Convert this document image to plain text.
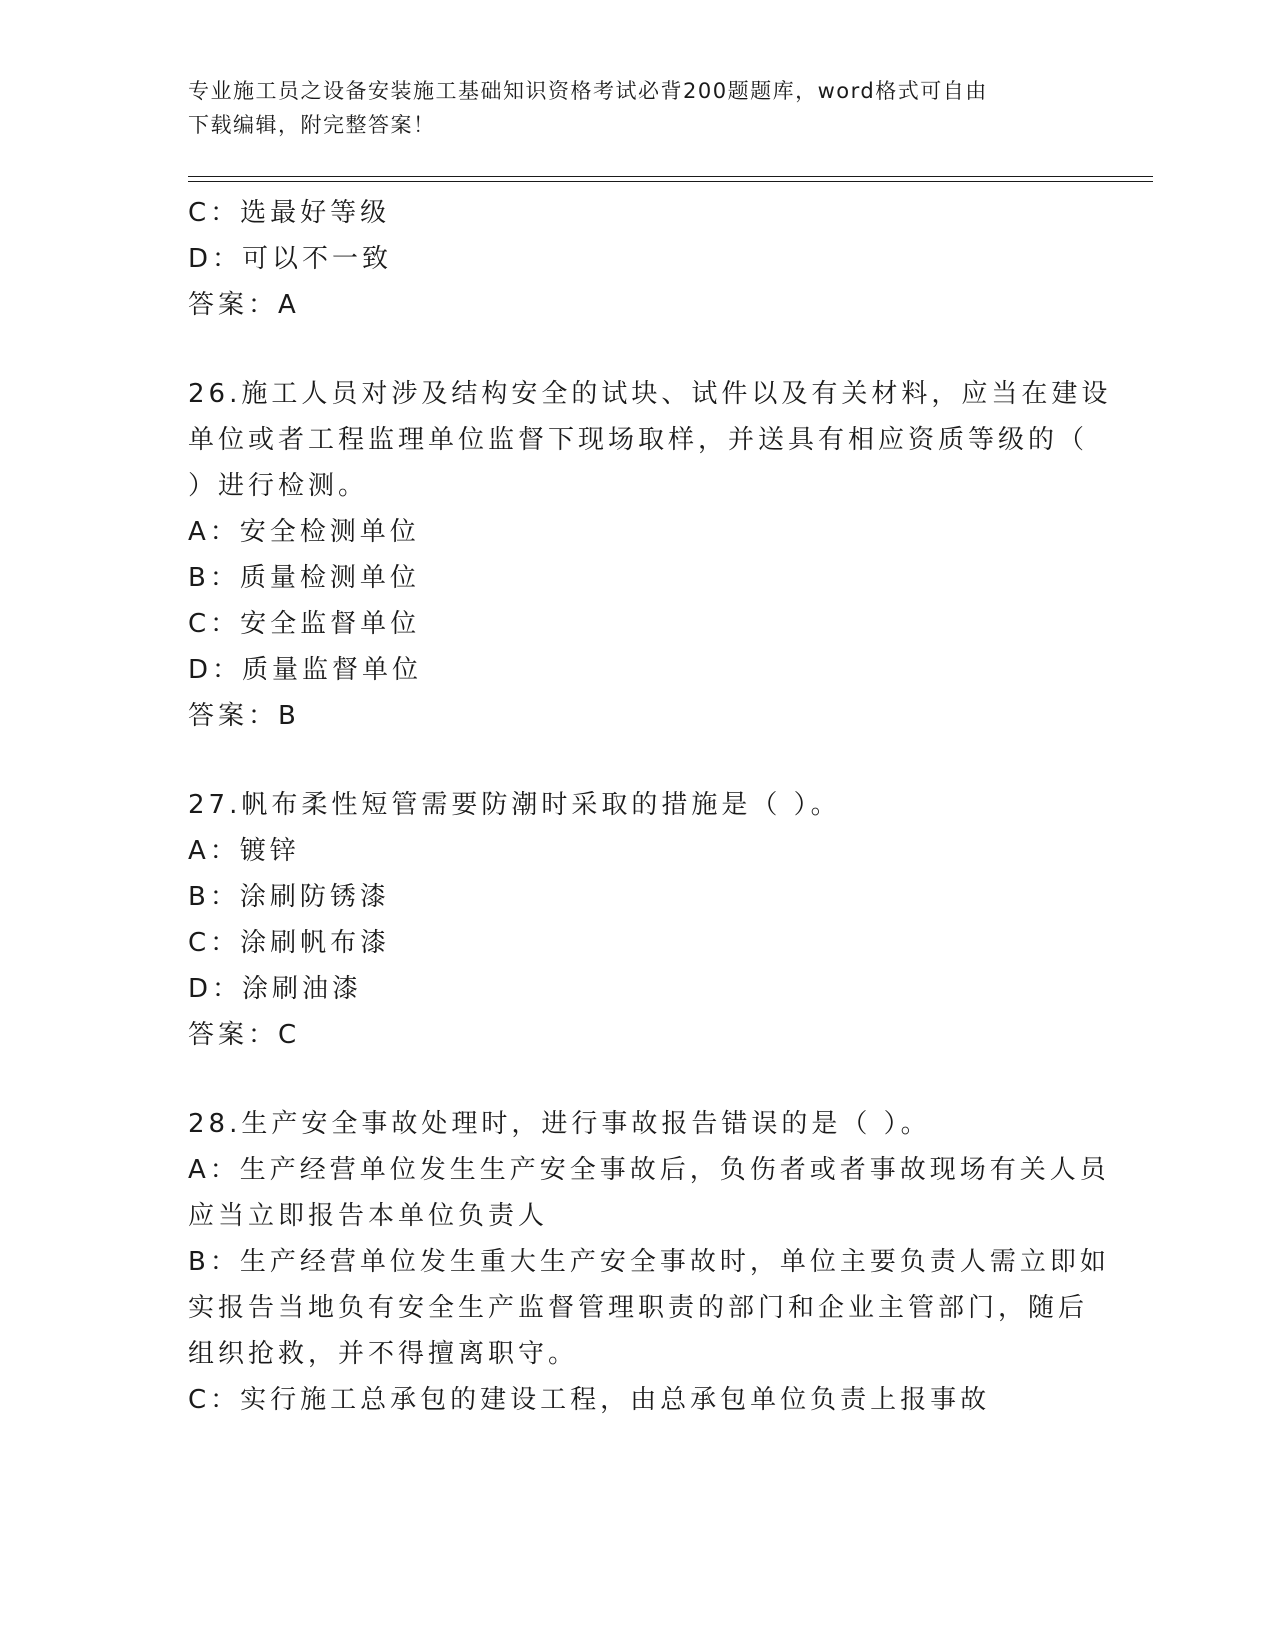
专业施工员之设备安装施工基础知识资格考试必背200题题库，word格式可自由
下载编辑，附完整答案！
C：选最好等级
D：可以不一致
答案：A
26.施工人员对涉及结构安全的试块、试件以及有关材料，应当在建设
单位或者工程监理单位监督下现场取样，并送具有相应资质等级的（
）进行检测。
A：安全检测单位
B：质量检测单位
C：安全监督单位
D：质量监督单位
答案：B
27.帆布柔性短管需要防潮时采取的措施是（ ）。
A：镀锌
B：涂刷防锈漆
C：涂刷帆布漆
D：涂刷油漆
答案：C
28.生产安全事故处理时，进行事故报告错误的是（ ）。
A：生产经营单位发生生产安全事故后，负伤者或者事故现场有关人员
应当立即报告本单位负责人
B：生产经营单位发生重大生产安全事故时，单位主要负责人需立即如
实报告当地负有安全生产监督管理职责的部门和企业主管部门，随后
组织抢救，并不得擅离职守。
C：实行施工总承包的建设工程，由总承包单位负责上报事故
